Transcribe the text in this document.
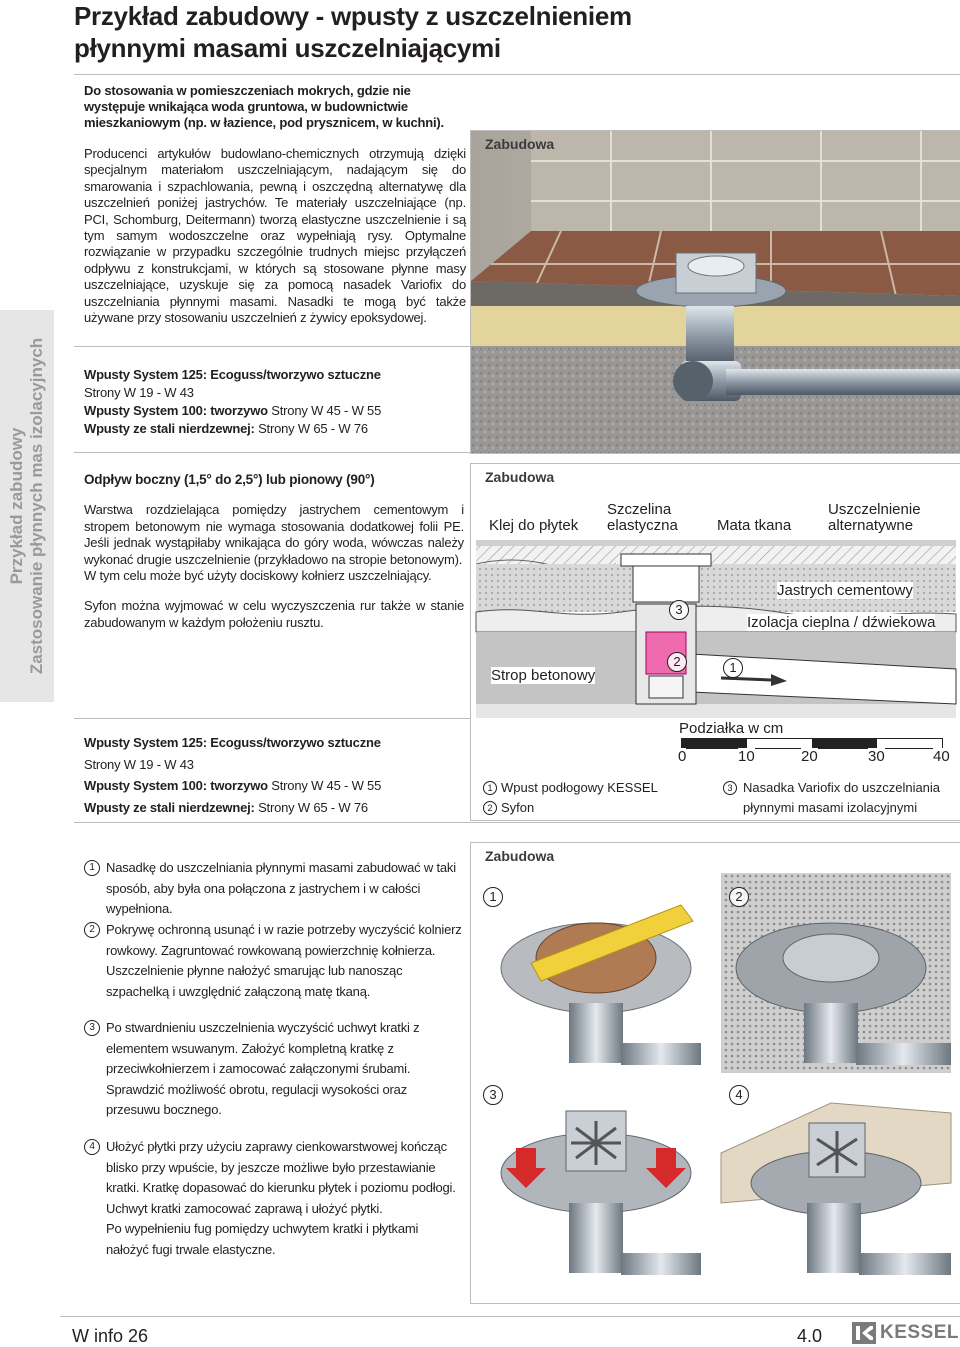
Przykład zabudowy - wpusty z uszczelnieniem
płynnymi masami uszczelniającymi
Do stosowania w pomieszczeniach mokrych, gdzie nie występuje wnikająca woda gruntowa, w budownictwie mieszkaniowym (np. w łazience, pod prysznicem, w kuchni).
Producenci artykułów budowlano-chemicznych otrzymują dzięki specjalnym materiałom uszczelniającym, nadającym się do smarowania i szpachlowania, pewną i oszczędną alternatywę dla uszczelnień poniżej jastrychów. Te materiały uszczelniające (np. PCI, Schomburg, Deitermann) tworzą elastyczne uszczelnienie i są tym samym wodoszczelne oraz wypełniają rysy. Optymalne rozwiązanie w przypadku szczególnie trudnych miejsc przyłączeń odpływu z konstrukcjami, w których są stosowane płynne masy uszczelniające, uzyskuje się za pomocą nasadek Variofix do uszczelniania płynnymi masami. Nasadki te mogą być także używane przy stosowaniu uszczelnień z żywicy epoksydowej.
Przykład zabudowy Zastosowanie płynnych mas izolacyjnych	Wpusty System 125: Ecoguss/tworzywo sztuczne

Strony W 19 - W 43

Wpusty System 100: tworzywo Strony W 45 - W 55

Wpusty ze stali nierdzewnej: Strony W 65 - W 76

Odpływ boczny (1,5° do 2,5°) lub pionowy (90°)

Warstwa rozdzielająca pomiędzy jastrychem cementowym i stropem betonowym nie wymaga stosowania dodatkowej folii PE. Jeśli jednak wystąpiłaby wnikająca do góry woda, wówczas należy wykonać drugie uszczelnienie (przykładowo na stropie betonowym).

W tym celu może być użyty dociskowy kołnierz uszczelniający.

Syfon można wyjmować w celu wyczyszczenia rur także w stanie zabudowanym w każdym położeniu rusztu.

Wpusty System 125: Ecoguss/tworzywo sztuczne

Strony W 19 - W 43

Wpusty System 100: tworzywo Strony W 45 - W 55

Wpusty ze stali nierdzewnej: Strony W 65 - W 76

Zabudowa
Zabudowa
Klej do płytek
Szczelina elastyczna	Mata tkana
Uszczelnienie alternatywne
Jastrych cementowy
Izolacja cieplna / dźwiekowa
Strop betonowy
3
2	1
Podziałka w cm
0	10	20	30	40
1 Wpust podłogowy KESSEL
2 Syfon
3 Nasadka Variofix do uszczelniania płynnymi masami izolacyjnymi
1 Nasadkę do uszczelniania płynnymi masami zabudować w taki sposób, aby była ona połączona z jastrychem i w całości wypełniona.
2 Pokrywę ochronną usunąć i w razie potrzeby wyczyścić kolnierz rowkowy. Zagruntować rowkowaną powierzchnię kołnierza. Uszczelnienie płynne nałożyć smarując lub nanosząc szpachelką i uwzględnić załączoną matę tkaną.
3 Po stwardnieniu uszczelnienia wyczyścić uchwyt kratki z elementem wsuwanym. Założyć kompletną kratkę z przeciwkołnierzem i zamocować załączonymi śrubami. Sprawdzić możliwość obrotu, regulacji wysokości oraz przesuwu bocznego.
4 Ułożyć płytki przy użyciu zaprawy cienkowarstwowej kończąc blisko przy wpuście, by jeszcze możliwe było przestawianie kratki. Kratkę dopasować do kierunku płytek i poziomu podłogi. Uchwyt kratki zamocować zaprawą i ułożyć płytki.
Po wypełnieniu fug pomiędzy uchwytem kratki i płytkami nałożyć fugi trwale elastyczne.
Zabudowa
1	2
3	4
W info 26	4.0	KESSEL
